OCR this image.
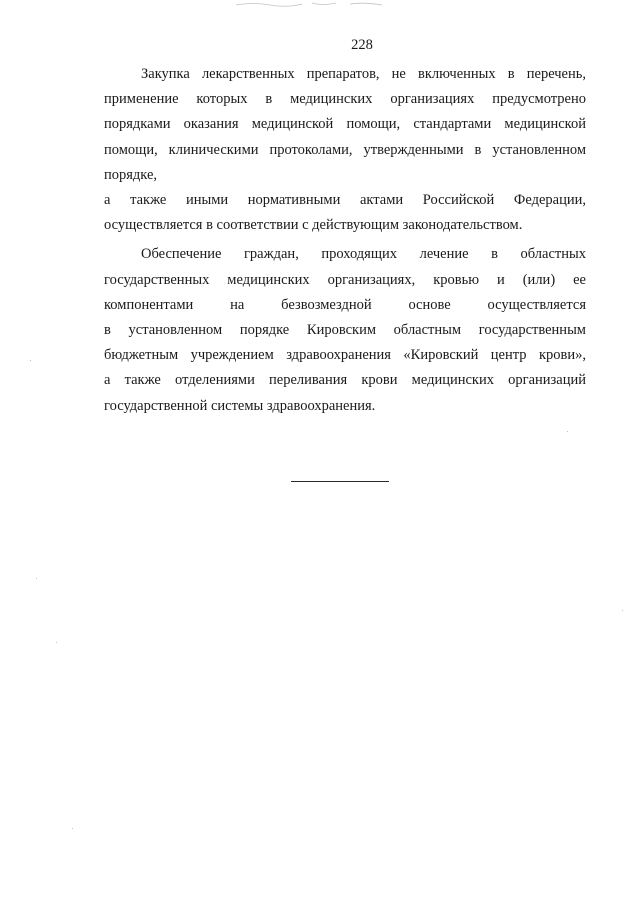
228

Закупка лекарственных препаратов, не включенных в перечень,
применение которых в медицинских организациях предусмотрено
порядками оказания медицинской помощи, стандартами медицинской
помощи, клиническими протоколами, утвержденными в установленном
порядке,
а также иными нормативными актами Российской Федерации,
осуществляется в соответствии с действующим законодательством.

Обеспечение граждан, проходящих лечение в областных
государственных медицинских организациях, кровью и (или) ее
компонентами на безвозмездной основе осуществляется
в установленном порядке Кировским областным государственным
бюджетным учреждением здравоохранения «Кировский центр крови»,
а также отделениями переливания крови медицинских организаций
государственной системы здравоохранения.
